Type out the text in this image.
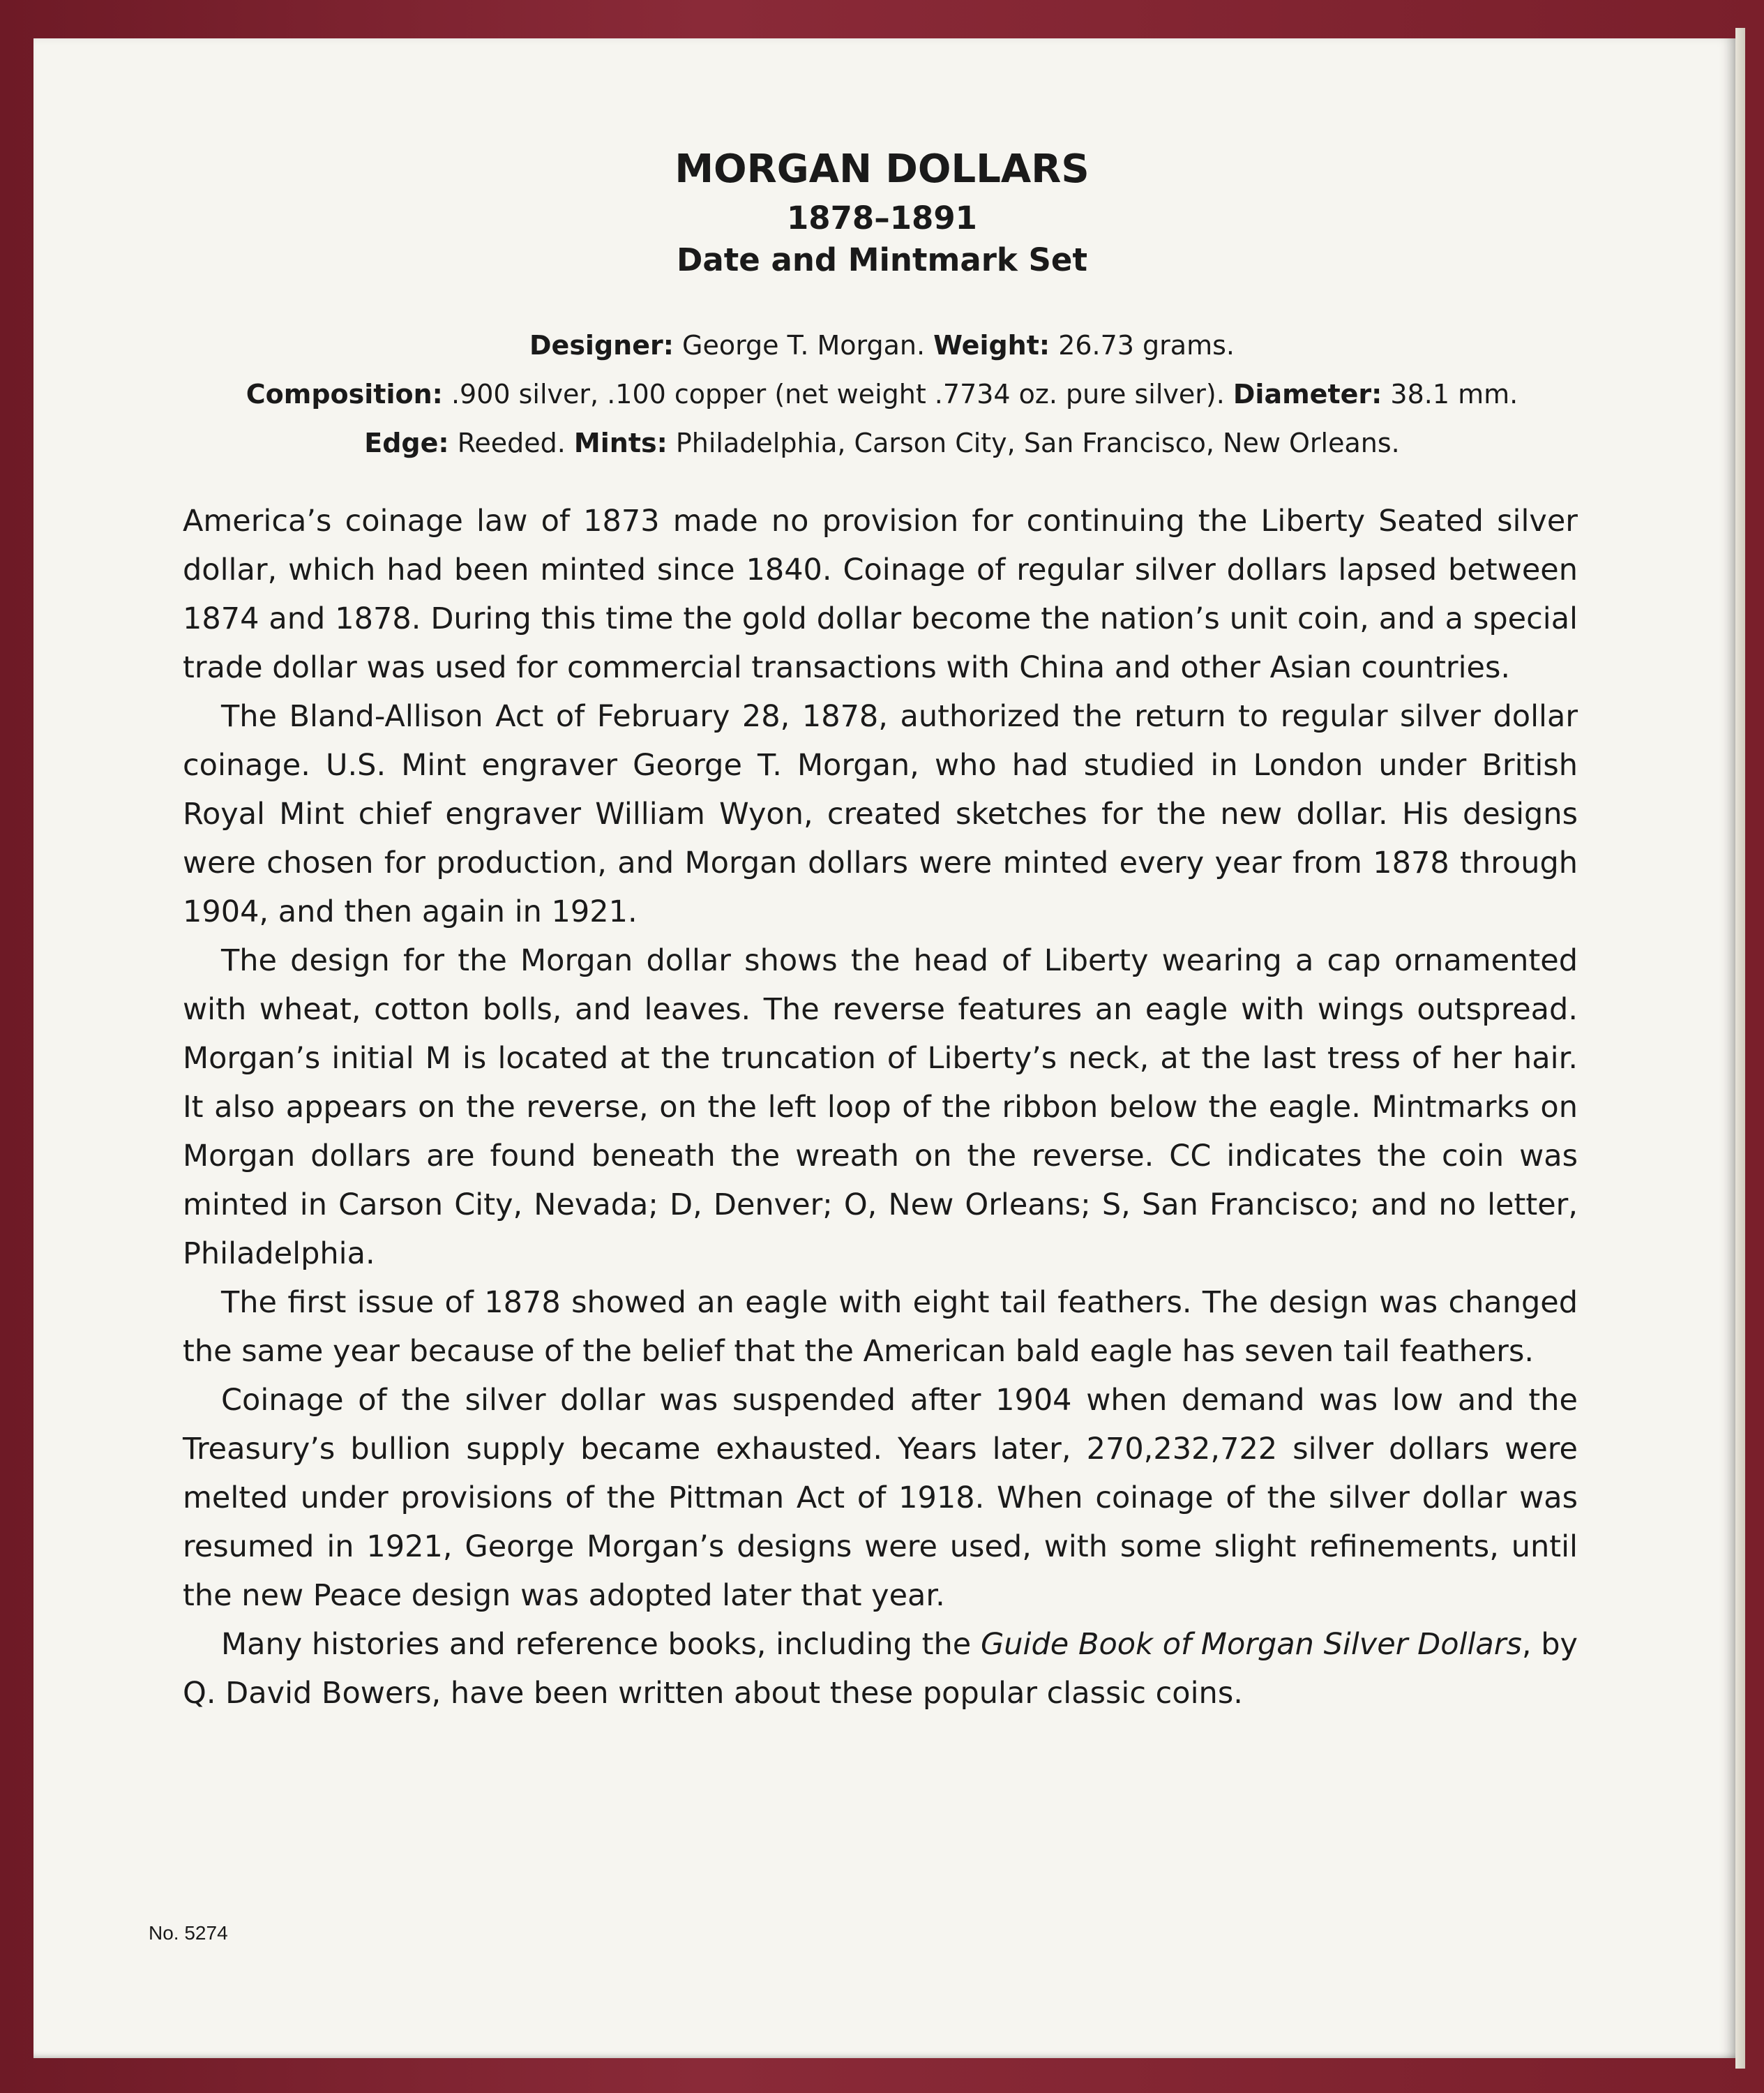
MORGAN DOLLARS
1878–1891
Date and Mintmark Set
Designer: George T. Morgan. Weight: 26.73 grams.
Composition: .900 silver, .100 copper (net weight .7734 oz. pure silver). Diameter: 38.1 mm.
Edge: Reeded. Mints: Philadelphia, Carson City, San Francisco, New Orleans.

America’s coinage law of 1873 made no provision for continuing the Liberty Seated silver dollar, which had been minted since 1840. Coinage of regular silver dollars lapsed between 1874 and 1878. During this time the gold dollar become the nation’s unit coin, and a special trade dollar was used for commercial transactions with China and other Asian countries.

The Bland-Allison Act of February 28, 1878, authorized the return to regular silver dollar coinage. U.S. Mint engraver George T. Morgan, who had studied in London under British Royal Mint chief engraver William Wyon, created sketches for the new dollar. His designs were chosen for production, and Morgan dollars were minted every year from 1878 through 1904, and then again in 1921.

The design for the Morgan dollar shows the head of Liberty wearing a cap ornamented with wheat, cotton bolls, and leaves. The reverse features an eagle with wings outspread. Morgan’s initial M is located at the truncation of Liberty’s neck, at the last tress of her hair. It also appears on the reverse, on the left loop of the ribbon below the eagle. Mintmarks on Morgan dollars are found beneath the wreath on the reverse. CC indicates the coin was minted in Carson City, Nevada; D, Denver; O, New Orleans; S, San Francisco; and no letter, Philadelphia.

The first issue of 1878 showed an eagle with eight tail feathers. The design was changed the same year because of the belief that the American bald eagle has seven tail feathers.

Coinage of the silver dollar was suspended after 1904 when demand was low and the Treasury’s bullion supply became exhausted. Years later, 270,232,722 silver dollars were melted under provisions of the Pittman Act of 1918. When coinage of the silver dollar was resumed in 1921, George Morgan’s designs were used, with some slight refinements, until the new Peace design was adopted later that year.

Many histories and reference books, including the Guide Book of Morgan Silver Dollars, by Q. David Bowers, have been written about these popular classic coins.

No. 5274
